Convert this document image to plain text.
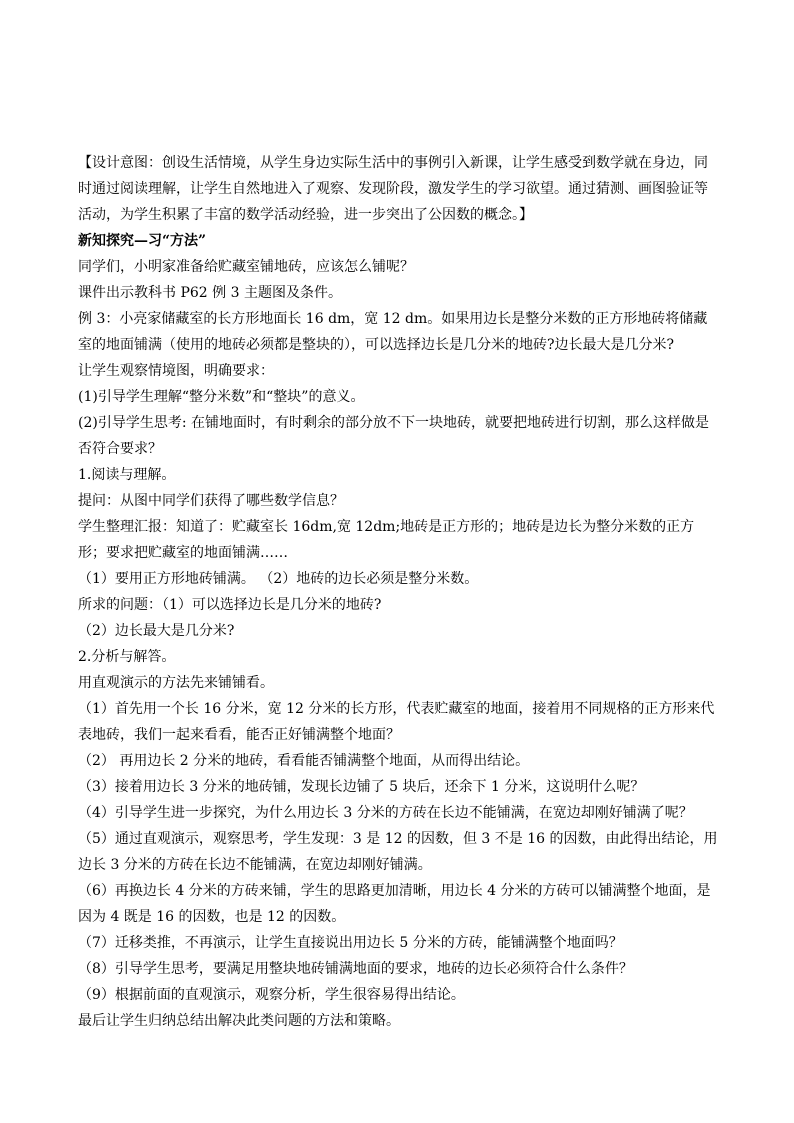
【设计意图：创设生活情境，从学生身边实际生活中的事例引入新课，让学生感受到数学就在身边，同时通过阅读理解，让学生自然地进入了观察、发现阶段，激发学生的学习欲望。通过猜测、画图验证等活动，为学生积累了丰富的数学活动经验，进一步突出了公因数的概念。】

新知探究—习“方法”

同学们，小明家准备给贮藏室铺地砖，应该怎么铺呢？

课件出示教科书 P62 例 3 主题图及条件。

例 3：小亮家储藏室的长方形地面长 16 dm，宽 12 dm。如果用边长是整分米数的正方形地砖将储藏室的地面铺满（使用的地砖必须都是整块的），可以选择边长是几分米的地砖?边长最大是几分米?

让学生观察情境图，明确要求：

(1)引导学生理解“整分米数”和“整块”的意义。

(2)引导学生思考: 在铺地面时，有时剩余的部分放不下一块地砖，就要把地砖进行切割，那么这样做是否符合要求？

1.阅读与理解。

提问：从图中同学们获得了哪些数学信息？

学生整理汇报：知道了：贮藏室长 16dm,宽 12dm;地砖是正方形的；地砖是边长为整分米数的正方形；要求把贮藏室的地面铺满……

（1）要用正方形地砖铺满。 （2）地砖的边长必须是整分米数。

所求的问题：（1）可以选择边长是几分米的地砖?

（2）边长最大是几分米?

2.分析与解答。

用直观演示的方法先来铺铺看。

（1）首先用一个长 16 分米，宽 12 分米的长方形，代表贮藏室的地面，接着用不同规格的正方形来代表地砖，我们一起来看看，能否正好铺满整个地面？

（2） 再用边长 2 分米的地砖，看看能否铺满整个地面，从而得出结论。

（3）接着用边长 3 分米的地砖铺，发现长边铺了 5 块后，还余下 1 分米，这说明什么呢？

（4）引导学生进一步探究，为什么用边长 3 分米的方砖在长边不能铺满，在宽边却刚好铺满了呢？

（5）通过直观演示，观察思考，学生发现：3 是 12 的因数，但 3 不是 16 的因数，由此得出结论，用边长 3 分米的方砖在长边不能铺满，在宽边却刚好铺满。

（6）再换边长 4 分米的方砖来铺，学生的思路更加清晰，用边长 4 分米的方砖可以铺满整个地面，是因为 4 既是 16 的因数，也是 12 的因数。

（7）迁移类推，不再演示，让学生直接说出用边长 5 分米的方砖，能铺满整个地面吗？

（8）引导学生思考，要满足用整块地砖铺满地面的要求，地砖的边长必须符合什么条件？

（9）根据前面的直观演示，观察分析，学生很容易得出结论。

最后让学生归纳总结出解决此类问题的方法和策略。
